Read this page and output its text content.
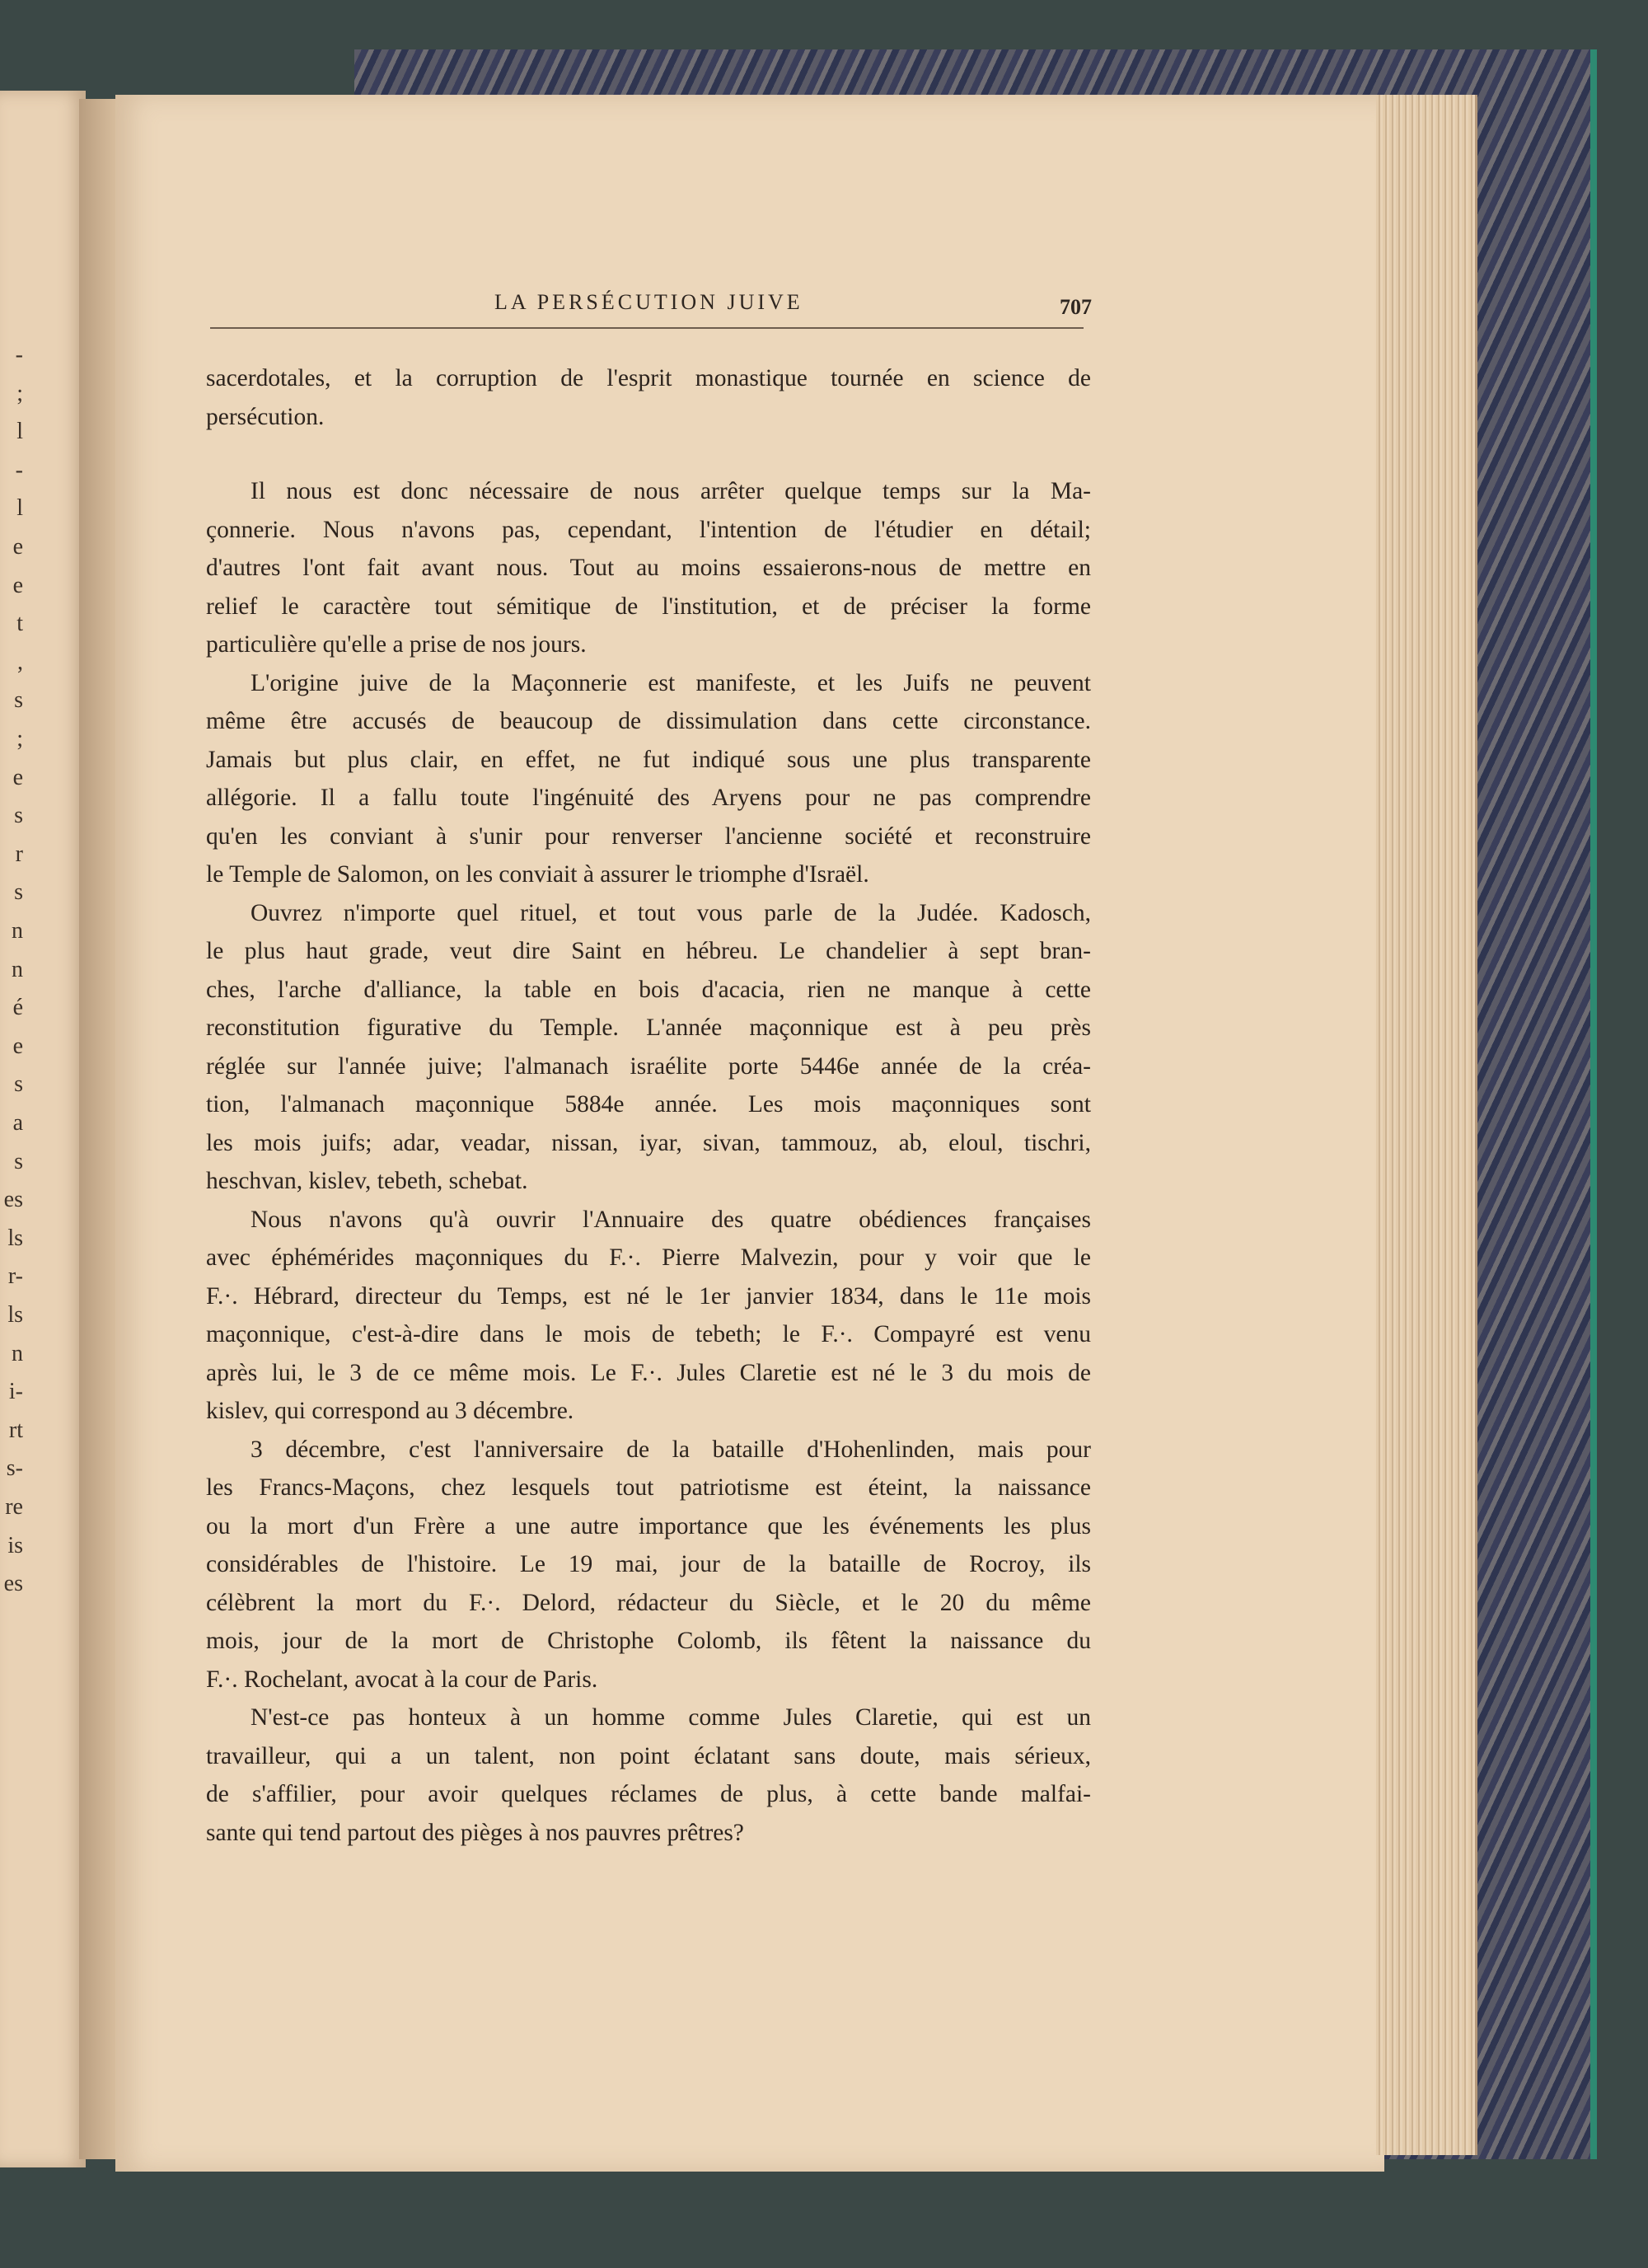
-
;
l
-
l
e
e
t
,
s
;
e
s
r
s
n
n
é
e
s
a
s
es
ls
r-
ls
n
i-
rt
s-
re
is
es
LA PERSÉCUTION JUIVE	707

sacerdotales, et la corruption de l'esprit monastique tournée en science de
persécution.

Il nous est donc nécessaire de nous arrêter quelque temps sur la Ma-
çonnerie. Nous n'avons pas, cependant, l'intention de l'étudier en détail;
d'autres l'ont fait avant nous. Tout au moins essaierons-nous de mettre en
relief le caractère tout sémitique de l'institution, et de préciser la forme
particulière qu'elle a prise de nos jours.

L'origine juive de la Maçonnerie est manifeste, et les Juifs ne peuvent
même être accusés de beaucoup de dissimulation dans cette circonstance.
Jamais but plus clair, en effet, ne fut indiqué sous une plus transparente
allégorie. Il a fallu toute l'ingénuité des Aryens pour ne pas comprendre
qu'en les conviant à s'unir pour renverser l'ancienne société et reconstruire
le Temple de Salomon, on les conviait à assurer le triomphe d'Israël.

Ouvrez n'importe quel rituel, et tout vous parle de la Judée. Kadosch,
le plus haut grade, veut dire Saint en hébreu. Le chandelier à sept bran-
ches, l'arche d'alliance, la table en bois d'acacia, rien ne manque à cette
reconstitution figurative du Temple. L'année maçonnique est à peu près
réglée sur l'année juive; l'almanach israélite porte 5446e année de la créa-
tion, l'almanach maçonnique 5884e année. Les mois maçonniques sont
les mois juifs; adar, veadar, nissan, iyar, sivan, tammouz, ab, eloul, tischri,
heschvan, kislev, tebeth, schebat.

Nous n'avons qu'à ouvrir l'Annuaire des quatre obédiences françaises
avec éphémérides maçonniques du F.·. Pierre Malvezin, pour y voir que le
F.·. Hébrard, directeur du Temps, est né le 1er janvier 1834, dans le 11e mois
maçonnique, c'est-à-dire dans le mois de tebeth; le F.·. Compayré est venu
après lui, le 3 de ce même mois. Le F.·. Jules Claretie est né le 3 du mois de
kislev, qui correspond au 3 décembre.

3 décembre, c'est l'anniversaire de la bataille d'Hohenlinden, mais pour
les Francs-Maçons, chez lesquels tout patriotisme est éteint, la naissance
ou la mort d'un Frère a une autre importance que les événements les plus
considérables de l'histoire. Le 19 mai, jour de la bataille de Rocroy, ils
célèbrent la mort du F.·. Delord, rédacteur du Siècle, et le 20 du même
mois, jour de la mort de Christophe Colomb, ils fêtent la naissance du
F.·. Rochelant, avocat à la cour de Paris.

N'est-ce pas honteux à un homme comme Jules Claretie, qui est un
travailleur, qui a un talent, non point éclatant sans doute, mais sérieux,
de s'affilier, pour avoir quelques réclames de plus, à cette bande malfai-
sante qui tend partout des pièges à nos pauvres prêtres?
